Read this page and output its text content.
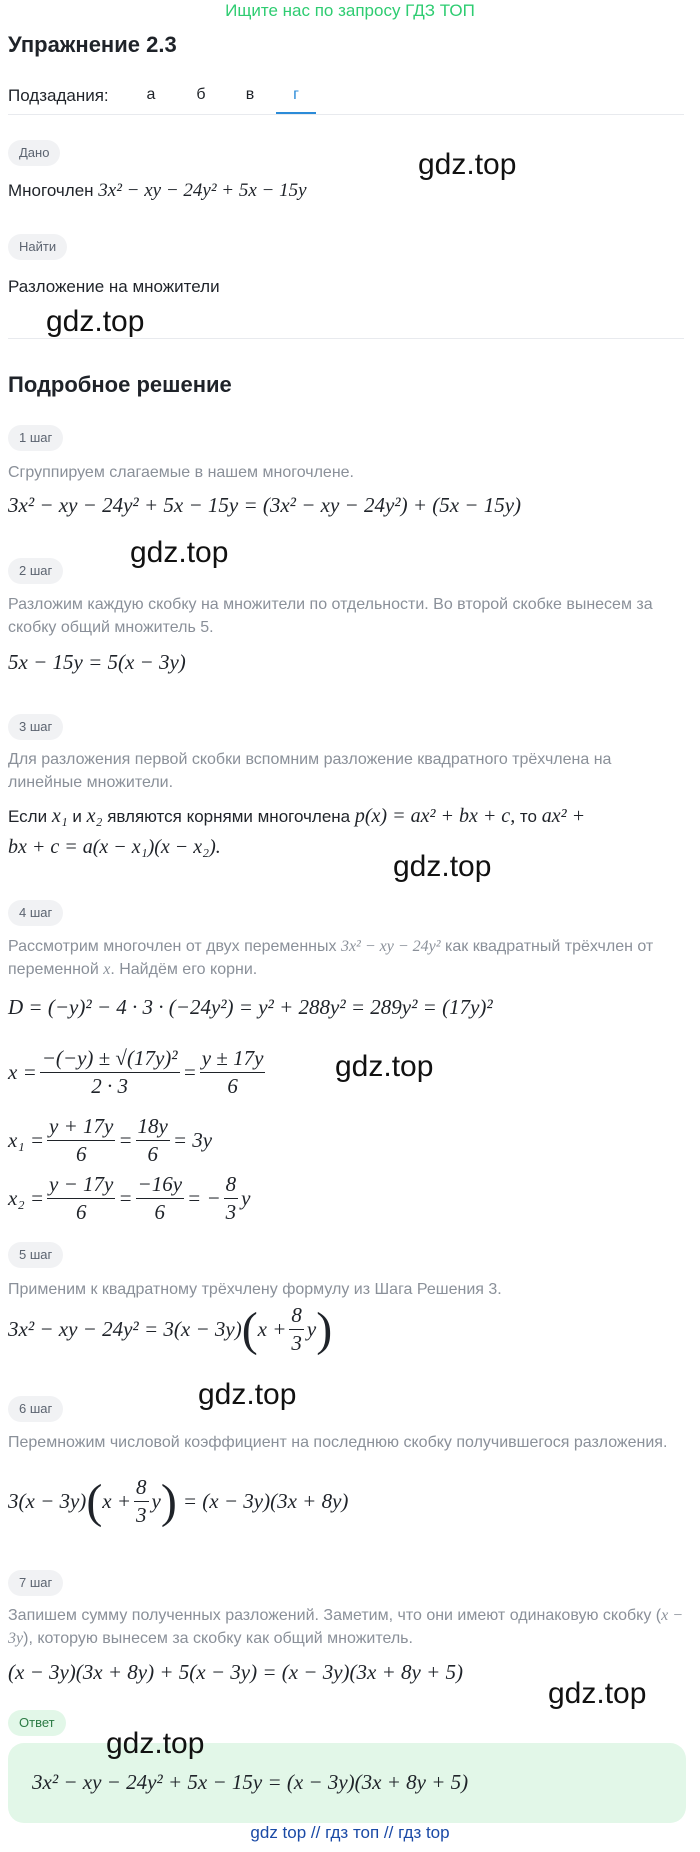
Ищите нас по запросу ГДЗ ТОП
Упражнение 2.3
Подзадания:	а	б	в	г
Дано
Многочлен 3x² − xy − 24y² + 5x − 15y
Найти
Разложение на множители
Подробное решение
1 шаг
Сгруппируем слагаемые в нашем многочлене.
3x² − xy − 24y² + 5x − 15y = (3x² − xy − 24y²) + (5x − 15y)
2 шаг
Разложим каждую скобку на множители по отдельности. Во второй скобке вынесем за скобку общий множитель 5.
5x − 15y = 5(x − 3y)
3 шаг
Для разложения первой скобки вспомним разложение квадратного трёхчлена на линейные множители.
Если x₁ и x₂ являются корнями многочлена p(x) = ax² + bx + c, то ax² +
bx + c = a(x − x₁)(x − x₂).
4 шаг
Рассмотрим многочлен от двух переменных 3x² − xy − 24y² как квадратный трёхчлен от переменной x. Найдём его корни.
D = (−y)² − 4 · 3 · (−24y²) = y² + 288y² = 289y² = (17y)²
$x = \frac{\text{−(−y) ± √(17y)²}}{2 \cdot 3} = \frac{y \pm 17y}{6}$
$x_1 = \frac{y + 17y}{6} = \frac{18y}{6} = 3y$
$x_2 = \frac{y - 17y}{6} = \frac{-16y}{6}$ = − $\frac{8}{3}$ y
5 шаг
Применим к квадратному трёхчлену формулу из Шага Решения 3.
3x² − xy − 24y² = 3(x − 3y) ( $x + \frac{8}{3}$ y )
6 шаг
Перемножим числовой коэффициент на последнюю скобку получившегося разложения.
3(x − 3y) ( $x + \frac{8}{3}$ y ) = (x − 3y)(3x + 8y)
7 шаг
Запишем сумму полученных разложений. Заметим, что они имеют одинаковую скобку (x − 3y), которую вынесем за скобку как общий множитель.
(x − 3y)(3x + 8y) + 5(x − 3y) = (x − 3y)(3x + 8y + 5)
Ответ
3x² − xy − 24y² + 5x − 15y = (x − 3y)(3x + 8y + 5)
gdz.top
gdz.top
gdz.top
gdz.top
gdz.top
gdz.top
gdz.top
gdz.top
gdz top // гдз топ // гдз top
